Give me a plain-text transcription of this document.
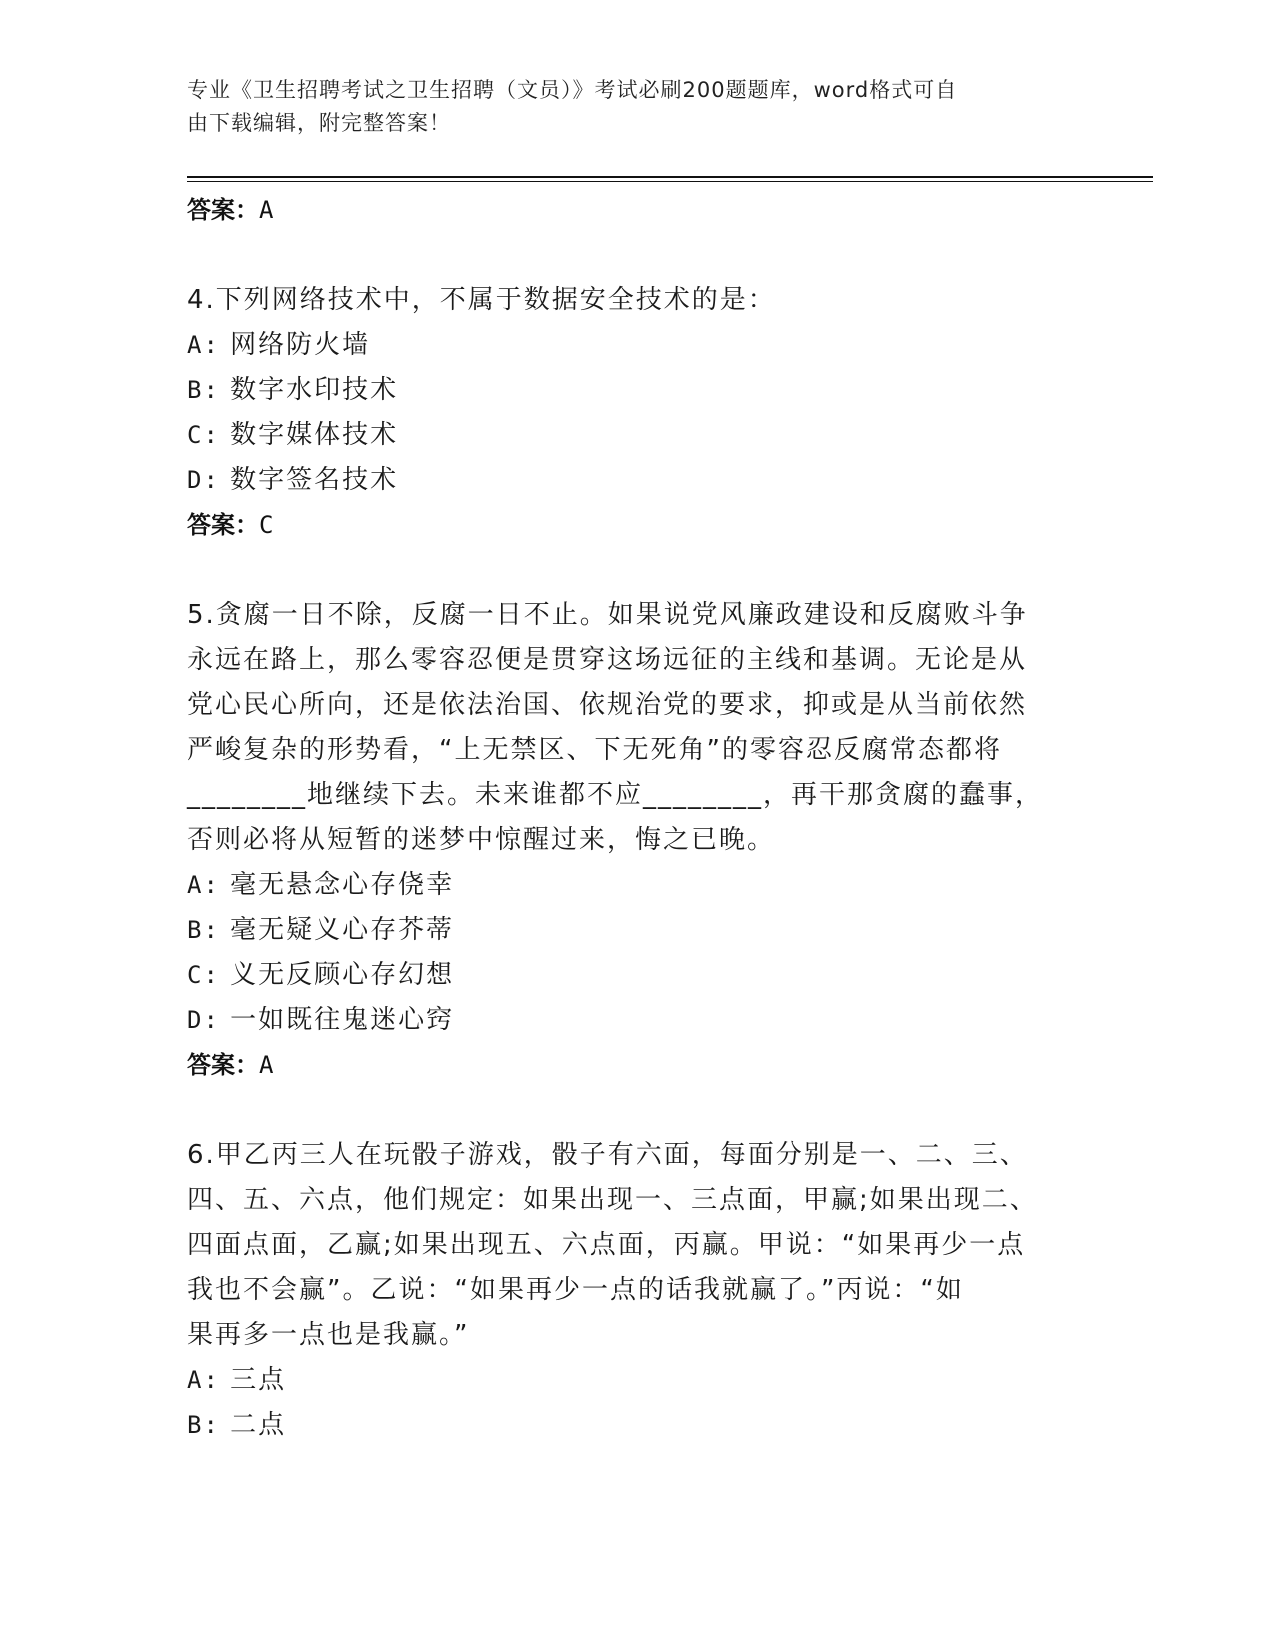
专业《卫生招聘考试之卫生招聘（文员）》考试必刷200题题库，word格式可自
由下载编辑，附完整答案！
答案：A
4.下列网络技术中，不属于数据安全技术的是：
A: 网络防火墙
B: 数字水印技术
C: 数字媒体技术
D: 数字签名技术
答案：C
5.贪腐一日不除，反腐一日不止。如果说党风廉政建设和反腐败斗争
永远在路上，那么零容忍便是贯穿这场远征的主线和基调。无论是从
党心民心所向，还是依法治国、依规治党的要求，抑或是从当前依然
严峻复杂的形势看，“上无禁区、下无死角”的零容忍反腐常态都将
________地继续下去。未来谁都不应________，再干那贪腐的蠢事，
否则必将从短暂的迷梦中惊醒过来，悔之已晚。
A: 毫无悬念心存侥幸
B: 毫无疑义心存芥蒂
C: 义无反顾心存幻想
D: 一如既往鬼迷心窍
答案：A
6.甲乙丙三人在玩骰子游戏，骰子有六面，每面分别是一、二、三、
四、五、六点，他们规定：如果出现一、三点面，甲赢;如果出现二、
四面点面，乙赢;如果出现五、六点面，丙赢。甲说：“如果再少一点
我也不会赢”。乙说：“如果再少一点的话我就赢了。”丙说：“如
果再多一点也是我赢。”
A: 三点
B: 二点
